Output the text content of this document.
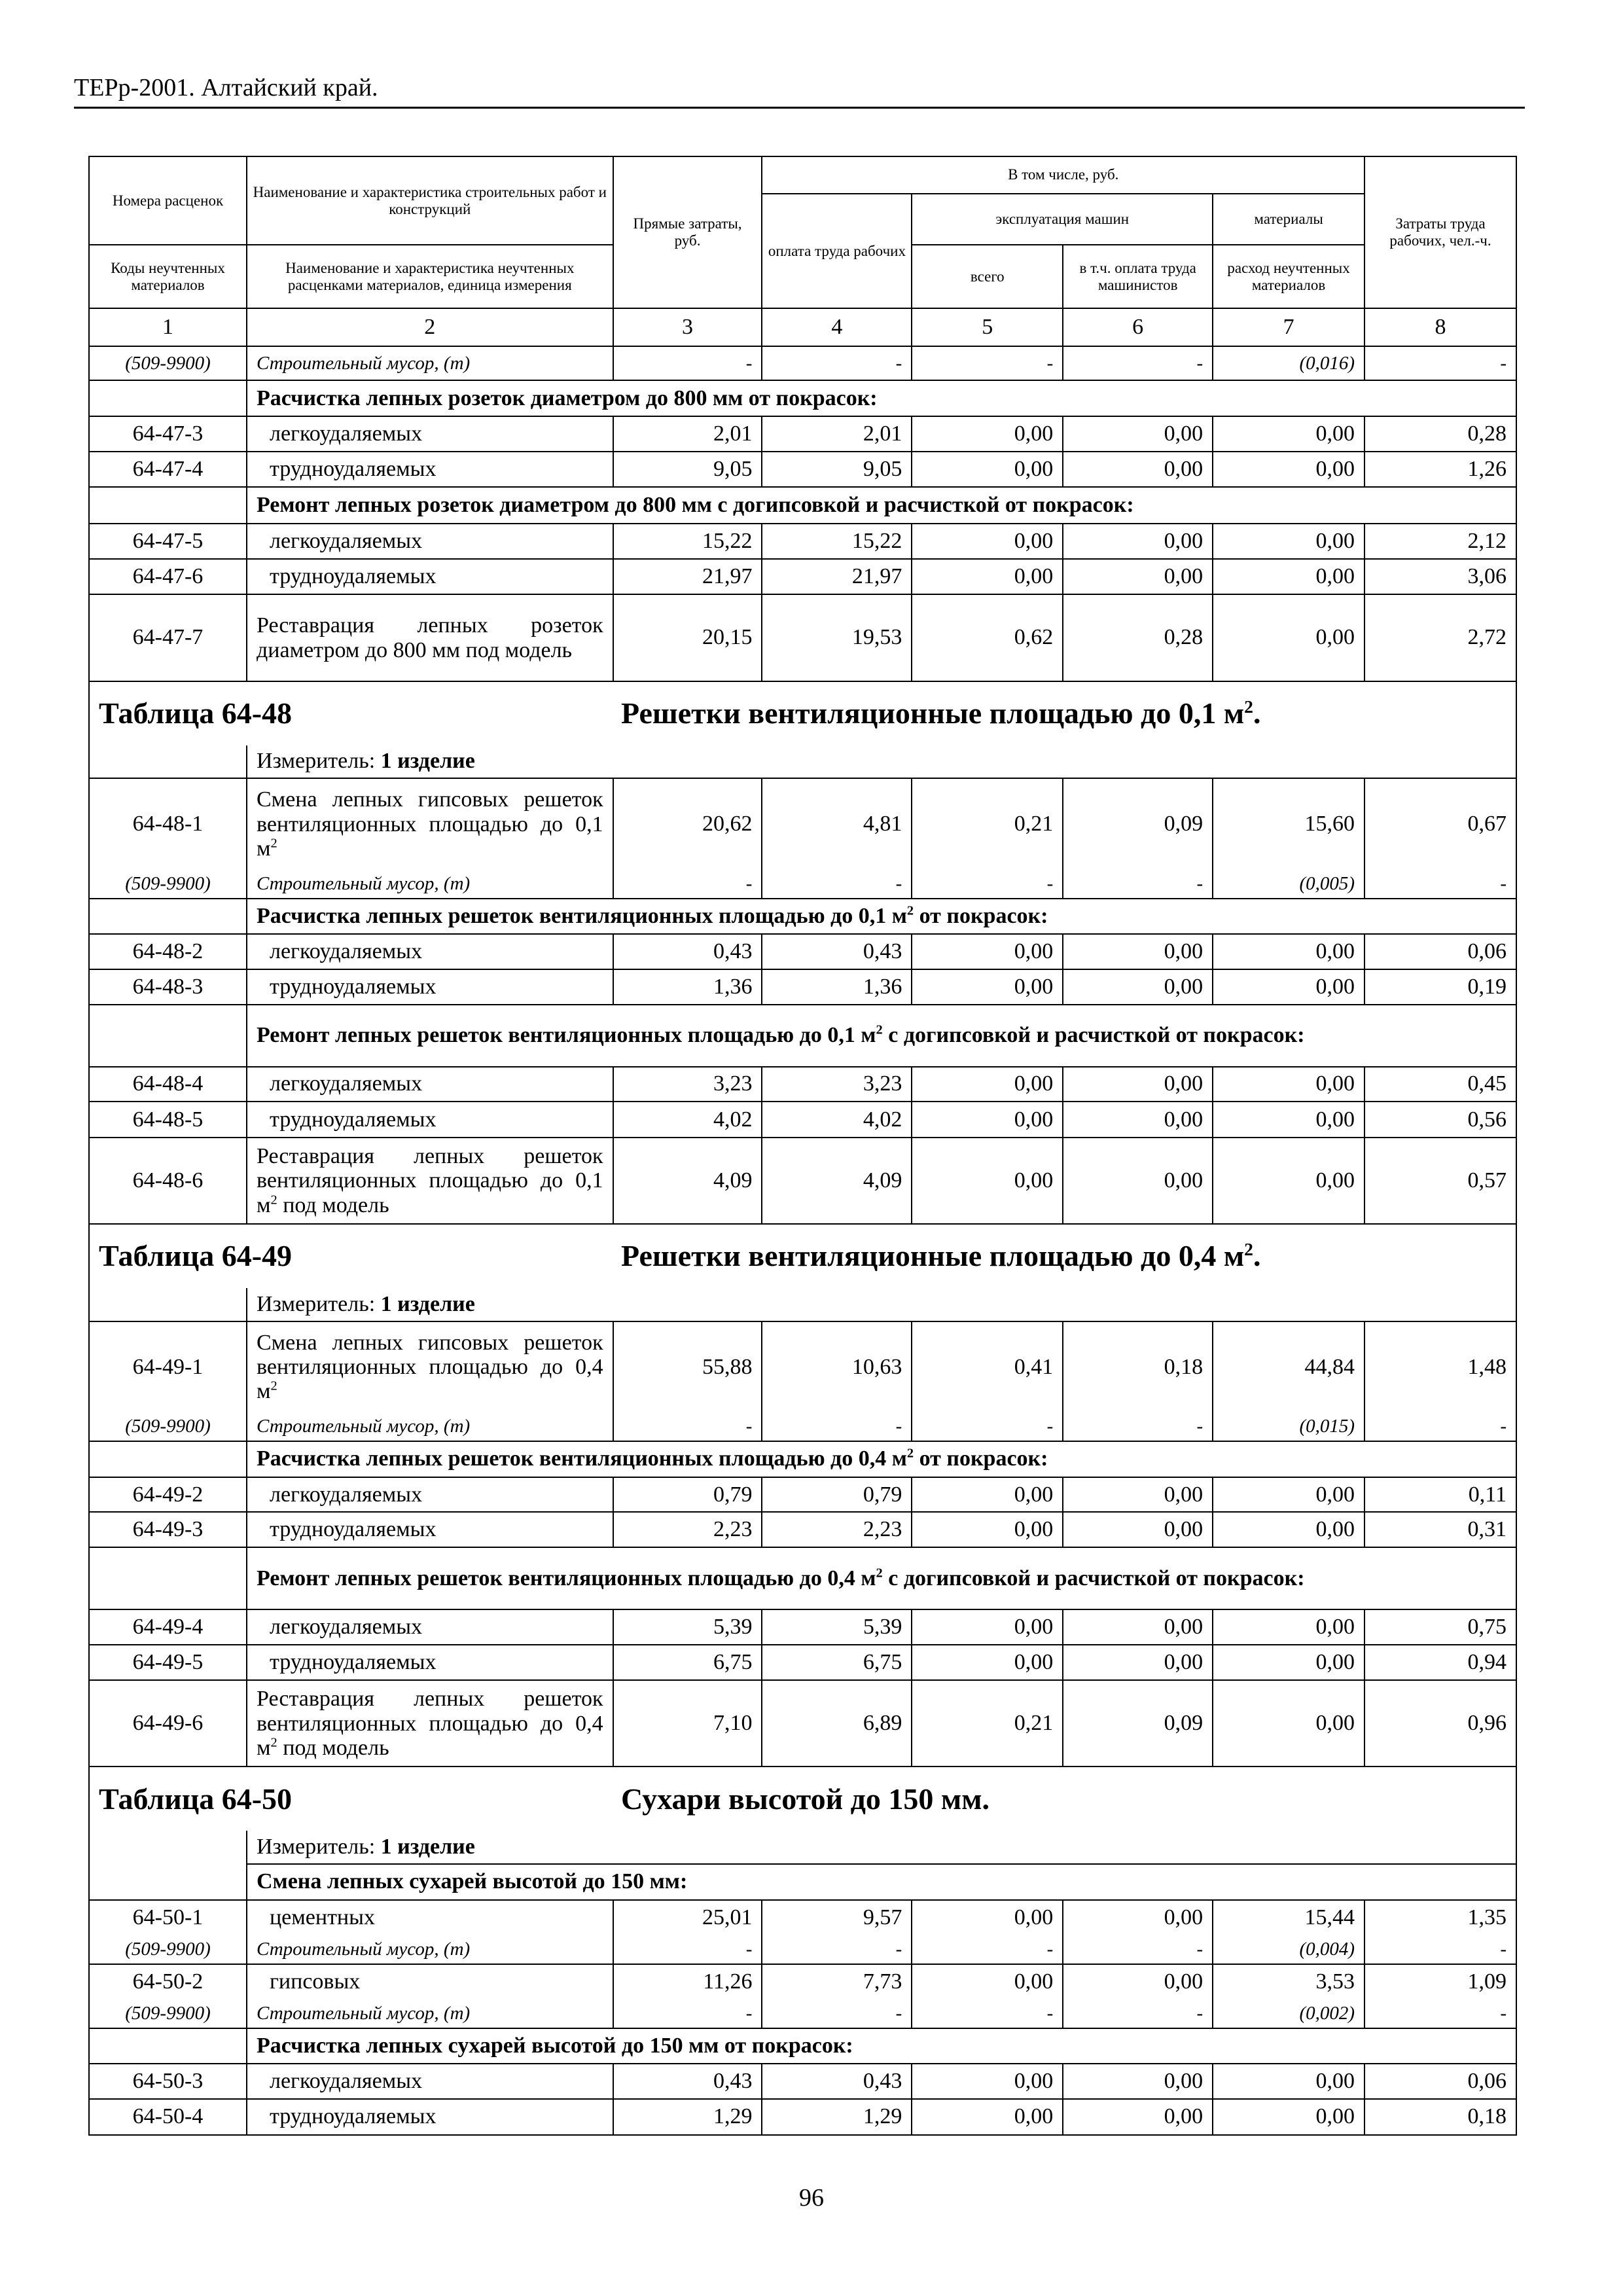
ТЕРр-2001. Алтайский край.
Номера расценок	Наименование и характеристика строительных работ и конструкций	Прямые затраты, руб.	В том числе, руб.				Затраты труда рабочих, чел.-ч.
			оплата труда рабочих	эксплуатация машин		материалы	

Коды неучтенных материалов	Наименование и характеристика неучтенных расценками материалов, единица измерения			всего	в т.ч. оплата труда машинистов	расход неучтенных материалов	

1	2	3	4	5	6	7	8
(509-9900)	Строительный мусор, (т)	-	-	-	-	(0,016)	-
	Расчистка лепных розеток диаметром до 800 мм от покрасок:						
64-47-3	легкоудаляемых	2,01	2,01	0,00	0,00	0,00	0,28
64-47-4	трудноудаляемых	9,05	9,05	0,00	0,00	0,00	1,26
	Ремонт лепных розеток диаметром до 800 мм с догипсовкой и расчисткой от покрасок:						
64-47-5	легкоудаляемых	15,22	15,22	0,00	0,00	0,00	2,12
64-47-6	трудноудаляемых	21,97	21,97	0,00	0,00	0,00	3,06
64-47-7	Реставрация лепных розеток диаметром до 800 мм под модель	20,15	19,53	0,62	0,28	0,00	2,72

Таблица 64-48 Решетки вентиляционные площадью до 0,1 $м^2$.							

	Измеритель: 1 изделие						
64-48-1	Смена лепных гипсовых решеток вентиляционных площадью до 0,1 $м^2$	20,62	4,81	0,21	0,09	15,60	0,67
(509-9900)	Строительный мусор, (т)	-	-	-	-	(0,005)	-
	Расчистка лепных решеток вентиляционных площадью до 0,1 $м^2$ от покрасок:						
64-48-2	легкоудаляемых	0,43	0,43	0,00	0,00	0,00	0,06
64-48-3	трудноудаляемых	1,36	1,36	0,00	0,00	0,00	0,19
	Ремонт лепных решеток вентиляционных площадью до 0,1 $м^2$ с догипсовкой и расчисткой от покрасок:						
64-48-4	легкоудаляемых	3,23	3,23	0,00	0,00	0,00	0,45
64-48-5	трудноудаляемых	4,02	4,02	0,00	0,00	0,00	0,56
64-48-6	Реставрация лепных решеток вентиляционных площадью до 0,1 $м^2$ под модель	4,09	4,09	0,00	0,00	0,00	0,57

Таблица 64-49 Решетки вентиляционные площадью до 0,4 $м^2$.							

	Измеритель: 1 изделие						
64-49-1	Смена лепных гипсовых решеток вентиляционных площадью до 0,4 $м^2$	55,88	10,63	0,41	0,18	44,84	1,48
(509-9900)	Строительный мусор, (т)	-	-	-	-	(0,015)	-
	Расчистка лепных решеток вентиляционных площадью до 0,4 $м^2$ от покрасок:						
64-49-2	легкоудаляемых	0,79	0,79	0,00	0,00	0,00	0,11
64-49-3	трудноудаляемых	2,23	2,23	0,00	0,00	0,00	0,31
	Ремонт лепных решеток вентиляционных площадью до 0,4 $м^2$ с догипсовкой и расчисткой от покрасок:						
64-49-4	легкоудаляемых	5,39	5,39	0,00	0,00	0,00	0,75
64-49-5	трудноудаляемых	6,75	6,75	0,00	0,00	0,00	0,94
64-49-6	Реставрация лепных решеток вентиляционных площадью до 0,4 $м^2$ под модель	7,10	6,89	0,21	0,09	0,00	0,96

Таблица 64-50 Сухари высотой до 150 мм.							

	Измеритель: 1 изделие						
	Смена лепных сухарей высотой до 150 мм:						
64-50-1	цементных	25,01	9,57	0,00	0,00	15,44	1,35
(509-9900)	Строительный мусор, (т)	-	-	-	-	(0,004)	-
64-50-2	гипсовых	11,26	7,73	0,00	0,00	3,53	1,09
(509-9900)	Строительный мусор, (т)	-	-	-	-	(0,002)	-
	Расчистка лепных сухарей высотой до 150 мм от покрасок:						
64-50-3	легкоудаляемых	0,43	0,43	0,00	0,00	0,00	0,06
64-50-4	трудноудаляемых	1,29	1,29	0,00	0,00	0,00	0,18
96
